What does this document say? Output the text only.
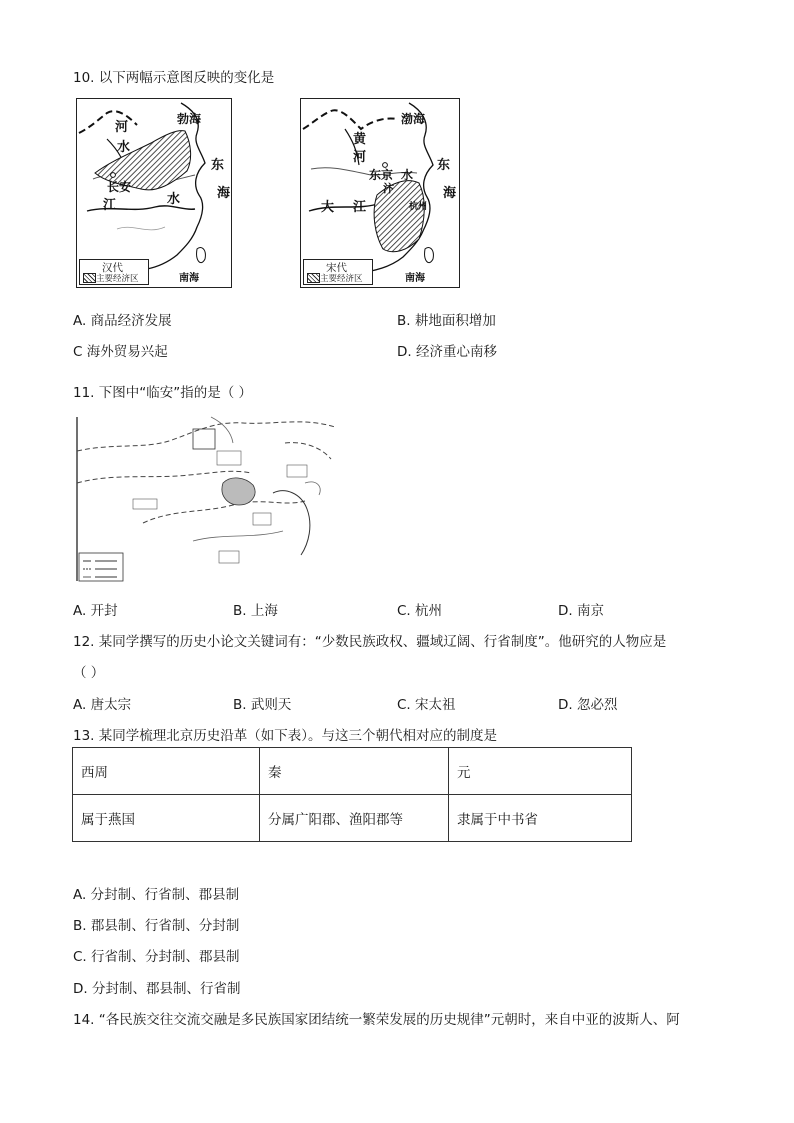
10. 以下两幅示意图反映的变化是
勃海
河
水
长安
江	水
东
海
南海
汉代
主要经济区
渤海
黄
河
东京
汴
水
大 江	杭州
东
海
南海
宋代
主要经济区
A. 商品经济发展	B. 耕地面积增加
C 海外贸易兴起	D. 经济重心南移
11. 下图中“临安”指的是（ ）
A. 开封	B. 上海	C. 杭州	D. 南京
12. 某同学撰写的历史小论文关键词有：“少数民族政权、疆域辽阔、行省制度”。他研究的人物应是
（ ）
A. 唐太宗	B. 武则天	C. 宋太祖	D. 忽必烈
13. 某同学梳理北京历史沿革（如下表）。与这三个朝代相对应的制度是
西周	秦	元
属于燕国	分属广阳郡、渔阳郡等	隶属于中书省
A. 分封制、行省制、郡县制
B. 郡县制、行省制、分封制
C. 行省制、分封制、郡县制
D. 分封制、郡县制、行省制
14. “各民族交往交流交融是多民族国家团结统一繁荣发展的历史规律”元朝时，来自中亚的波斯人、阿
